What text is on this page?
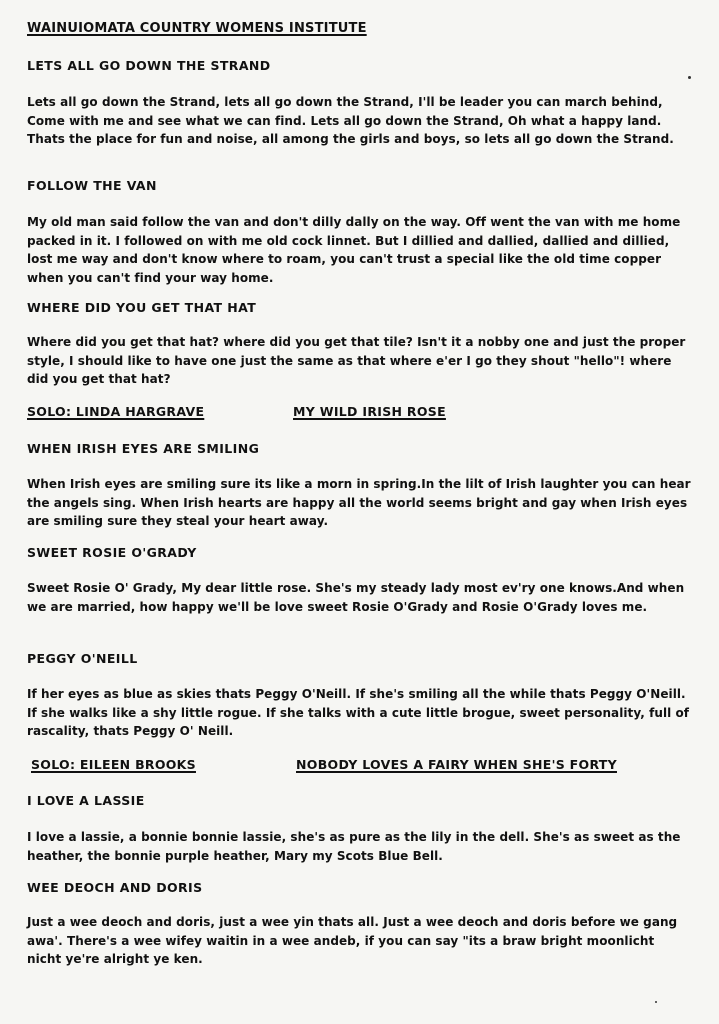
WAINUIOMATA COUNTRY WOMENS INSTITUTE
LETS ALL GO DOWN THE STRAND

Lets all go down the Strand, lets all go down the Strand, I'll be leader you can march behind, Come with me and see what we can find. Lets all go down the Strand, Oh what a happy land. Thats the place for fun and noise, all among the girls and boys, so lets all go down the Strand.

FOLLOW THE VAN

My old man said follow the van and don't dilly dally on the way. Off went the van with me home packed in it. I followed on with me old cock linnet. But I dillied and dallied, dallied and dillied, lost me way and don't know where to roam, you can't trust a special like the old time copper when you can't find your way home.

WHERE DID YOU GET THAT HAT

Where did you get that hat? where did you get that tile? Isn't it a nobby one and just the proper style, I should like to have one just the same as that where e'er I go they shout "hello"! where did you get that hat?

SOLO: LINDA HARGRAVE	MY WILD IRISH ROSE
WHEN IRISH EYES ARE SMILING

When Irish eyes are smiling sure its like a morn in spring.In the lilt of Irish laughter you can hear the angels sing. When Irish hearts are happy all the world seems bright and gay when Irish eyes are smiling sure they steal your heart away.

SWEET ROSIE O'GRADY

Sweet Rosie O' Grady, My dear little rose. She's my steady lady most ev'ry one knows.And when we are married, how happy we'll be love sweet Rosie O'Grady and Rosie O'Grady loves me.

PEGGY O'NEILL

If her eyes as blue as skies thats Peggy O'Neill. If she's smiling all the while thats Peggy O'Neill. If she walks like a shy little rogue. If she talks with a cute little brogue, sweet personality, full of rascality, thats Peggy O' Neill.

SOLO: EILEEN BROOKS	NOBODY LOVES A FAIRY WHEN SHE'S FORTY
I LOVE A LASSIE

I love a lassie, a bonnie bonnie lassie, she's as pure as the lily in the dell. She's as sweet as the heather, the bonnie purple heather, Mary my Scots Blue Bell.

WEE DEOCH AND DORIS

Just a wee deoch and doris, just a wee yin thats all. Just a wee deoch and doris before we gang awa'. There's a wee wifey waitin in a wee andeb, if you can say "its a braw bright moonlicht nicht ye're alright ye ken.
